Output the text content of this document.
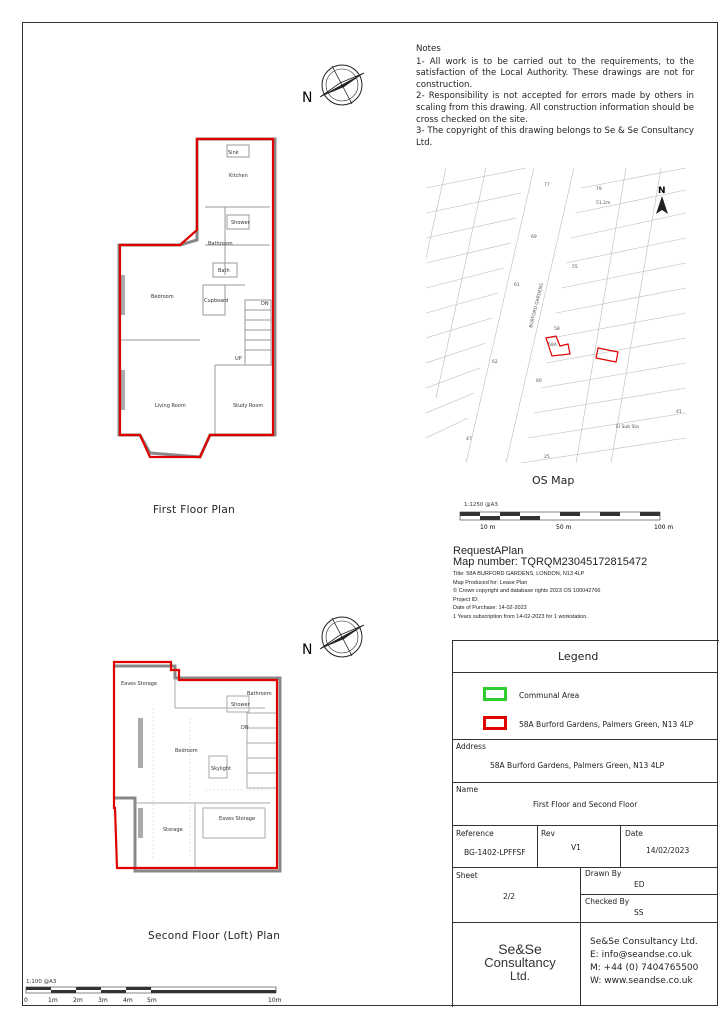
Notes
1- All work is to be carried out to the requirements, to the satisfaction of the Local Authority. These drawings are not for construction.
2- Responsibility is not accepted for errors made by others in scaling from this drawing. All construction information should be cross checked on the site.
3- The copyright of this drawing belongs to Se & Se Consultancy Ltd.
N
Sink
Kitchen
Shower
Bathroom
Bath
Bedroom
Cupboard	DN
UP
Living Room	Study Room
First Floor Plan
N
Eaves Storage
Bathroom
Shower
DN
Bedroom
Skylight
Eaves Storage
Storage
Second Floor (Loft) Plan
N
BURFORD GARDENS
77
79
51.2m
69
55
61
62
58
58A
60
47
El Sub Sta
41
25
OS Map
1:1250 @A3
10 m	50 m	100 m
RequestAPlan
Map number: TQRQM23045172815472
Title: 58A BURFORD GARDENS, LONDON, N13 4LP
Map Produced for: Lease Plan
© Crown copyright and database rights 2023 OS 100042766
Project ID:
Date of Purchase: 14-02-2023
1 Years subscription from 14-02-2023 for 1 workstation.
Legend
Communal Area
58A Burford Gardens, Palmers Green, N13 4LP
Address
58A Burford Gardens, Palmers Green, N13 4LP
Name
First Floor and Second Floor
Reference
BG-1402-LPFFSF
Rev
V1
Date
14/02/2023
Sheet
2/2
Drawn By
ED
Checked By
SS
Se&Se
Consultancy
Ltd.
Se&Se Consultancy Ltd.
E: info@seandse.co.uk
M: +44 (0) 7404765500
W: www.seandse.co.uk
1:100 @A3
0	1m	2m	3m	4m 5m	10m
